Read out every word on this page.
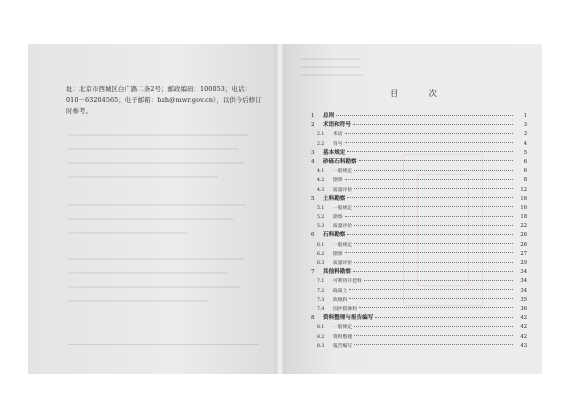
址：北京市西城区白广路二条2号；邮政编码：100053；电话：
010－63204565；电子邮箱：bzh@mwr.gov.cn），以供今后修订
时参考。
目 次
1	总则	1
2	术语和符号	3
2.1	术语	3
2.2	符号	4
3	基本规定	5
4	砂砾石料勘察	6
4.1	一般规定	6
4.2	勘察	8
4.3	质量评价	12
5	土料勘察	16
5.1	一般规定	16
5.2	勘察	18
5.3	质量评价	22
6	石料勘察	26
6.1	一般规定	26
6.2	勘察	27
6.3	质量评价	29
7	其他料勘察	34
7.1	可利用开挖料	34
7.2	砾质土	34
7.3	吹填料	35
7.4	固沙防渗料	36
8	资料整理与报告编写	42
8.1	一般规定	42
8.2	资料整理	42
8.3	报告编写	43
